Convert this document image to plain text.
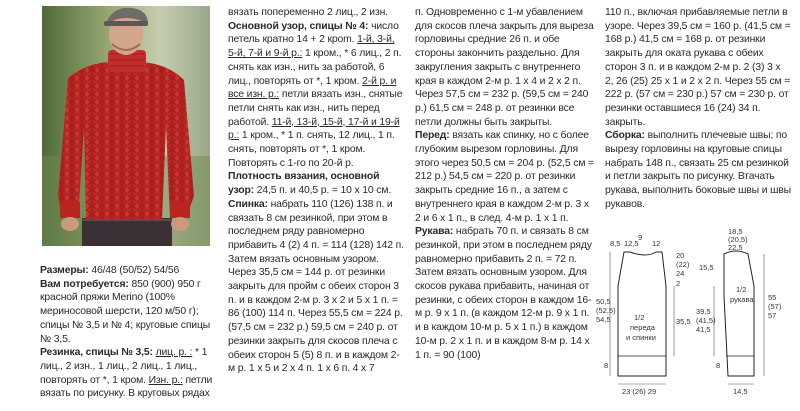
Размеры: 46/48 (50/52) 54/56

Вам потребуется: 850 (900) 950 г красной пряжи Merino (100% мериносовой шерсти, 120 м/50 г); спицы № 3,5 и № 4; круговые спицы № 3,5.

Резинка, спицы № 3,5: лиц. р. : * 1 лиц., 2 изн., 1 лиц., 2 лиц., 1 лиц., повторять от *, 1 кром. Изн. р.: петли вязать по рисунку. В круговых рядах

вязать попеременно 2 лиц., 2 изн.

Основной узор, спицы № 4: число петель кратно 14 + 2 крom. 1-й, 3-й, 5-й, 7-й и 9-й р.: 1 кром., * 6 лиц., 2 п. снять как изн., нить за работой, 6 лиц., повторять от *, 1 кром. 2-й р. и все изн. р.: петли вязать изн., снятые петли снять как изн., нить перед работой. 11-й, 13-й, 15-й, 17-й и 19-й р.: 1 кром., * 1 п. снять, 12 лиц., 1 п. снять, повторять от *, 1 кром. Повторять с 1-го по 20-й р.

Плотность вязания, основной узор: 24,5 п. и 40,5 р. = 10 х 10 см.

Спинка: набрать 110 (126) 138 п. и связать 8 см резинкой, при этом в последнем ряду равномерно прибавить 4 (2) 4 п. = 114 (128) 142 п. Затем вязать основным узором. Через 35,5 см = 144 р. от резинки закрыть для пройм с обеих сторон 3 п. и в каждом 2-м р. 3 х 2 и 5 х 1 п. = 86 (100) 114 п. Через 55,5 см = 224 р. (57,5 см = 232 р.) 59,5 см = 240 р. от резинки закрыть для скосов плеча с обеих сторон 5 (5) 8 п. и в каждом 2-м р. 1 х 5 и 2 х 4 п. 1 х 6 п. 4 х 7

п. Одновременно с 1-м убавлением для скосов плеча закрыть для выреза горловины средние 26 п. и обе стороны закончить раздельно. Для закругления закрыть с внутреннего края в каждом 2-м р. 1 х 4 и 2 х 2 п. Через 57,5 см = 232 р. (59,5 см = 240 р.) 61,5 см = 248 р. от резинки все петли должны быть закрыты.

Перед: вязать как спинку, но с более глубоким вырезом горловины. Для этого через 50,5 см = 204 р. (52,5 см = 212 р.) 54,5 см = 220 р. от резинки закрыть средние 16 п., а затем с внутреннего края в каждом 2-м р. 3 х 2 и 6 х 1 п., в след. 4-м р. 1 х 1 п.

Рукава: набрать 70 п. и связать 8 см резинкой, при этом в последнем ряду равномерно прибавить 2 п. = 72 п. Затем вязать основным узором. Для скосов рукава прибавить, начиная от резинки, с обеих сторон в каждом 16-м р. 9 х 1 п. (в каждом 12-м р. 9 х 1 п. и в каждом 10-м р. 5 х 1 п.) в каждом 10-м р. 2 х 1 п. и в каждом 8-м р. 14 х 1 п. = 90 (100)

110 п., включая прибавляемые петли в узоре. Через 39,5 см = 160 р. (41,5 см = 168 р.) 41,5 см = 168 р. от резинки закрыть для оката рукава с обеих сторон 3 п. и в каждом 2-м р. 2 (3) 3 х 2, 26 (25) 25 х 1 и 2 х 2 п. Через 55 см = 222 р. (57 см = 230 р.) 57 см = 230 р. от резинки оставшиеся 16 (24) 34 п. закрыть.

Сборка: выполнить плечевые швы; по вырезу горловины на круговые спицы набрать 148 п., связать 25 см резинкой и петли закрыть по рисунку. Втачать рукава, выполнить боковые швы и швы рукавов.

1/2
переда
и спинки
9
12
8,5 12,5
20
(22)
24
2
50,5
(52,5)
54,5	35,5
23 (26) 29
8
1/2
рукава
18,5
(20,5)
22,5
15,5
39,5
(41,5)
41,5
55
(57)
57
14,5
8
